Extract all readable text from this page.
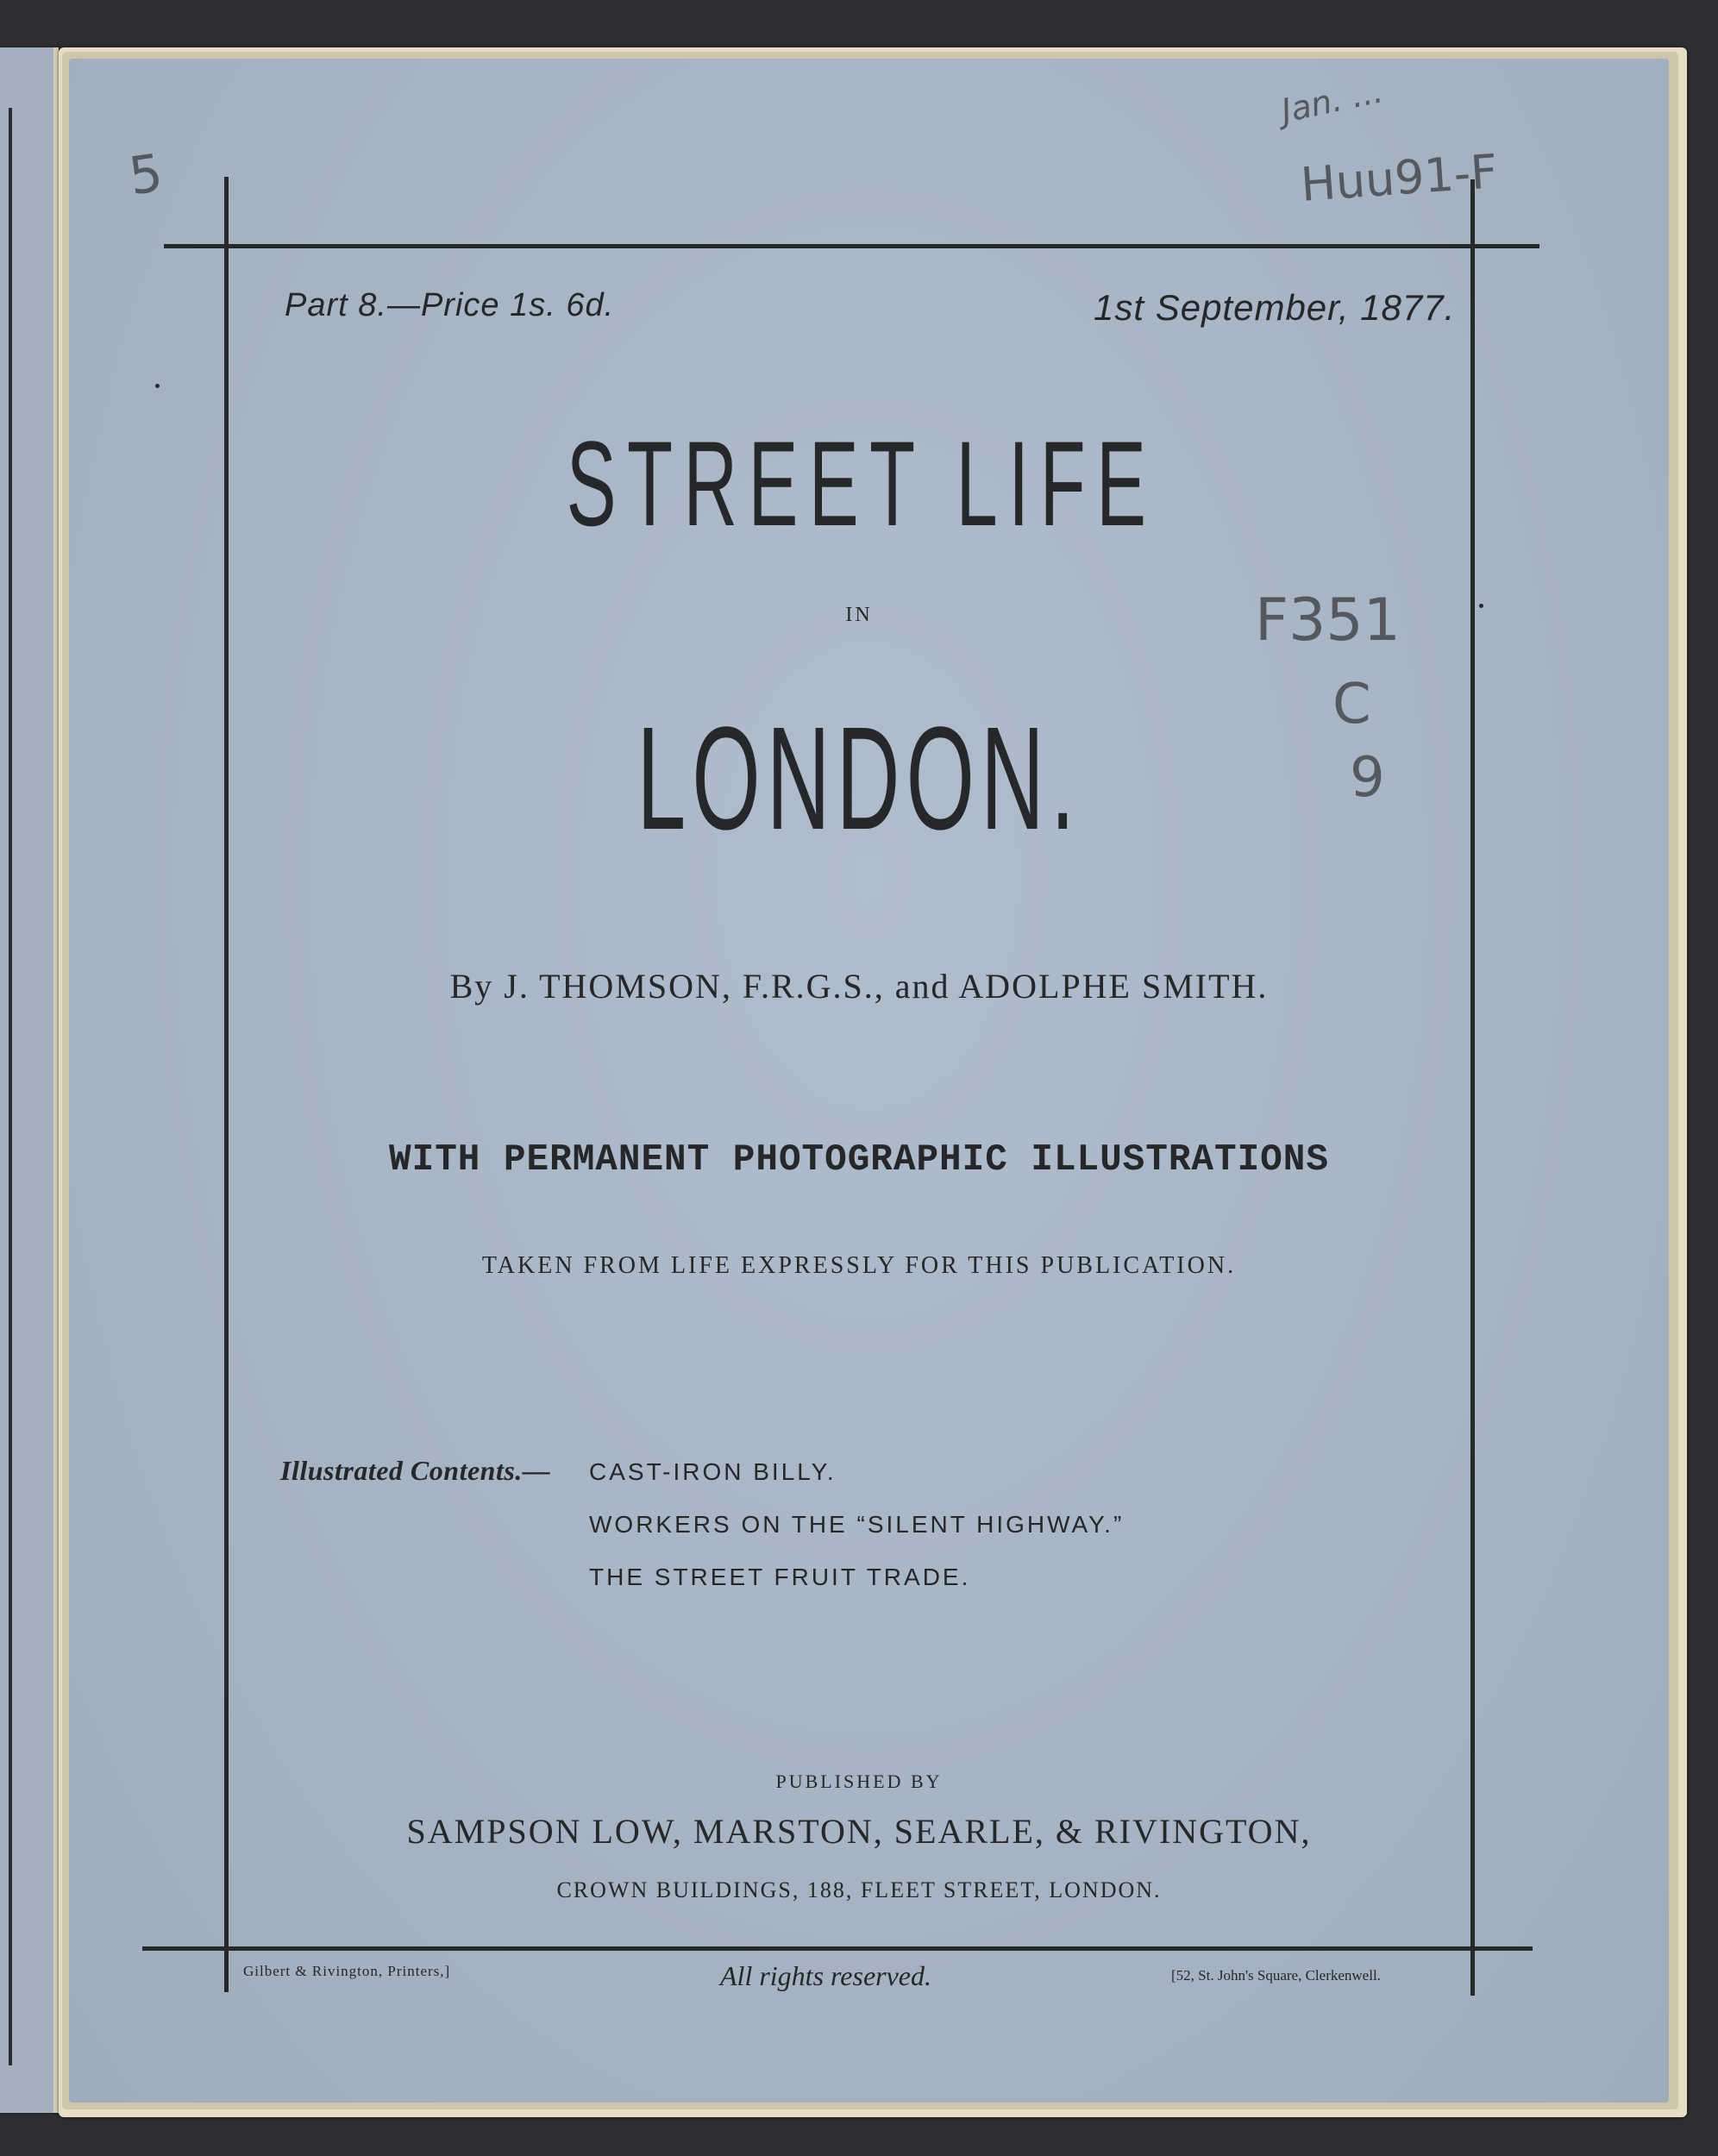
Part 8.—Price 1s. 6d.	1st September, 1877.
STREET LIFE
IN
LONDON.
By J. THOMSON, F.R.G.S., and ADOLPHE SMITH.
WITH PERMANENT PHOTOGRAPHIC ILLUSTRATIONS
TAKEN FROM LIFE EXPRESSLY FOR THIS PUBLICATION.
Illustrated Contents.— CAST-IRON BILLY.
WORKERS ON THE “SILENT HIGHWAY.”
THE STREET FRUIT TRADE.
PUBLISHED BY
SAMPSON LOW, MARSTON, SEARLE, & RIVINGTON,
CROWN BUILDINGS, 188, FLEET STREET, LONDON.
Gilbert & Rivington, Printers,]	All rights reserved.	[52, St. John's Square, Clerkenwell.
5
Jan. ...
Huu91-F
F351
C
9
